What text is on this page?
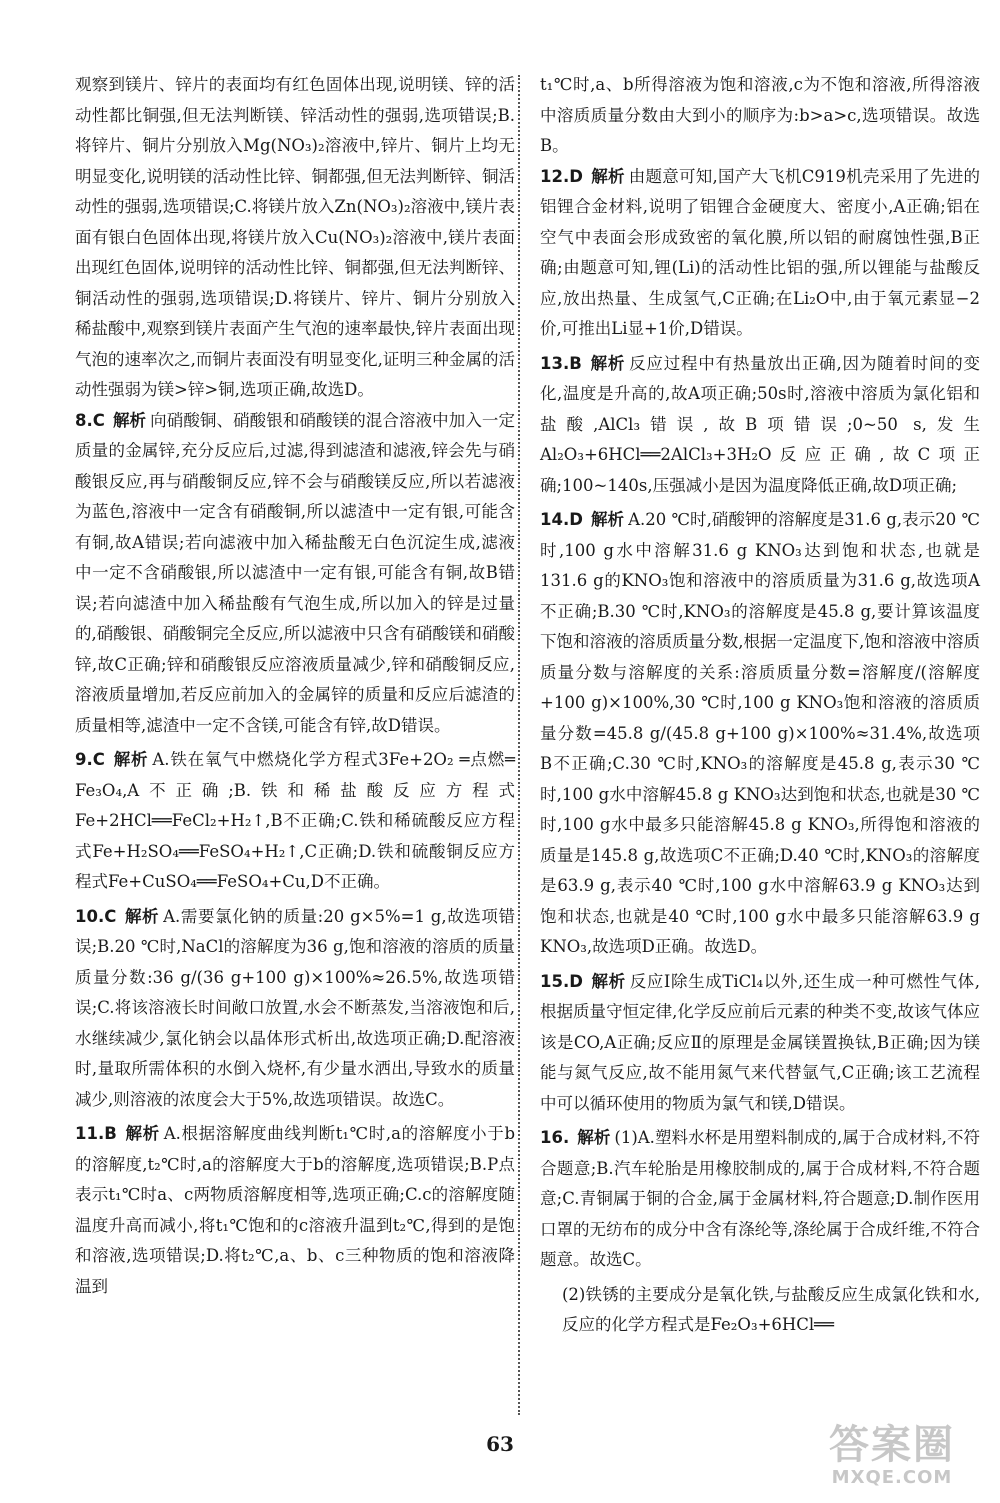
观察到镁片、锌片的表面均有红色固体出现,说明镁、锌的活动性都比铜强,但无法判断镁、锌活动性的强弱,选项错误;B.将锌片、铜片分别放入Mg(NO₃)₂溶液中,锌片、铜片上均无明显变化,说明镁的活动性比锌、铜都强,但无法判断锌、铜活动性的强弱,选项错误;C.将镁片放入Zn(NO₃)₂溶液中,镁片表面有银白色固体出现,将镁片放入Cu(NO₃)₂溶液中,镁片表面出现红色固体,说明锌的活动性比锌、铜都强,但无法判断锌、铜活动性的强弱,选项错误;D.将镁片、锌片、铜片分别放入稀盐酸中,观察到镁片表面产生气泡的速率最快,锌片表面出现气泡的速率次之,而铜片表面没有明显变化,证明三种金属的活动性强弱为镁>锌>铜,选项正确,故选D。

8.C 解析 向硝酸铜、硝酸银和硝酸镁的混合溶液中加入一定质量的金属锌,充分反应后,过滤,得到滤渣和滤液,锌会先与硝酸银反应,再与硝酸铜反应,锌不会与硝酸镁反应,所以若滤液为蓝色,溶液中一定含有硝酸铜,所以滤渣中一定有银,可能含有铜,故A错误;若向滤液中加入稀盐酸无白色沉淀生成,滤液中一定不含硝酸银,所以滤渣中一定有银,可能含有铜,故B错误;若向滤渣中加入稀盐酸有气泡生成,所以加入的锌是过量的,硝酸银、硝酸铜完全反应,所以滤液中只含有硝酸镁和硝酸锌,故C正确;锌和硝酸银反应溶液质量减少,锌和硝酸铜反应,溶液质量增加,若反应前加入的金属锌的质量和反应后滤渣的质量相等,滤渣中一定不含镁,可能含有锌,故D错误。
9.C 解析 A.铁在氧气中燃烧化学方程式3Fe+2O₂ ═点燃═ Fe₃O₄,A不正确;B.铁和稀盐酸反应方程式Fe+2HCl══FeCl₂+H₂↑,B不正确;C.铁和稀硫酸反应方程式Fe+H₂SO₄══FeSO₄+H₂↑,C正确;D.铁和硫酸铜反应方程式Fe+CuSO₄══FeSO₄+Cu,D不正确。
10.C 解析 A.需要氯化钠的质量:20 g×5%=1 g,故选项错误;B.20 ℃时,NaCl的溶解度为36 g,饱和溶液的溶质的质量质量分数:36 g/(36 g+100 g)×100%≈26.5%,故选项错误;C.将该溶液长时间敞口放置,水会不断蒸发,当溶液饱和后,水继续减少,氯化钠会以晶体形式析出,故选项正确;D.配溶液时,量取所需体积的水倒入烧杯,有少量水洒出,导致水的质量减少,则溶液的浓度会大于5%,故选项错误。故选C。
11.B 解析 A.根据溶解度曲线判断t₁℃时,a的溶解度小于b的溶解度,t₂℃时,a的溶解度大于b的溶解度,选项错误;B.P点表示t₁℃时a、c两物质溶解度相等,选项正确;C.c的溶解度随温度升高而减小,将t₁℃饱和的c溶液升温到t₂℃,得到的是饱和溶液,选项错误;D.将t₂℃,a、b、c三种物质的饱和溶液降温到

t₁℃时,a、b所得溶液为饱和溶液,c为不饱和溶液,所得溶液中溶质质量分数由大到小的顺序为:b>a>c,选项错误。故选B。

12.D 解析 由题意可知,国产大飞机C919机壳采用了先进的铝锂合金材料,说明了铝锂合金硬度大、密度小,A正确;铝在空气中表面会形成致密的氧化膜,所以铝的耐腐蚀性强,B正确;由题意可知,锂(Li)的活动性比铝的强,所以锂能与盐酸反应,放出热量、生成氢气,C正确;在Li₂O中,由于氧元素显−2价,可推出Li显+1价,D错误。
13.B 解析 反应过程中有热量放出正确,因为随着时间的变化,温度是升高的,故A项正确;50s时,溶液中溶质为氯化铝和盐酸,AlCl₃错误,故B项错误;0~50 s,发生Al₂O₃+6HCl══2AlCl₃+3H₂O反应正确,故C项正确;100~140s,压强减小是因为温度降低正确,故D项正确;
14.D 解析 A.20 ℃时,硝酸钾的溶解度是31.6 g,表示20 ℃时,100 g水中溶解31.6 g KNO₃达到饱和状态,也就是131.6 g的KNO₃饱和溶液中的溶质质量为31.6 g,故选项A不正确;B.30 ℃时,KNO₃的溶解度是45.8 g,要计算该温度下饱和溶液的溶质质量分数,根据一定温度下,饱和溶液中溶质质量分数与溶解度的关系:溶质质量分数=溶解度/(溶解度+100 g)×100%,30 ℃时,100 g KNO₃饱和溶液的溶质质量分数=45.8 g/(45.8 g+100 g)×100%≈31.4%,故选项B不正确;C.30 ℃时,KNO₃的溶解度是45.8 g,表示30 ℃时,100 g水中溶解45.8 g KNO₃达到饱和状态,也就是30 ℃时,100 g水中最多只能溶解45.8 g KNO₃,所得饱和溶液的质量是145.8 g,故选项C不正确;D.40 ℃时,KNO₃的溶解度是63.9 g,表示40 ℃时,100 g水中溶解63.9 g KNO₃达到饱和状态,也就是40 ℃时,100 g水中最多只能溶解63.9 g KNO₃,故选项D正确。故选D。
15.D 解析 反应Ⅰ除生成TiCl₄以外,还生成一种可燃性气体,根据质量守恒定律,化学反应前后元素的种类不变,故该气体应该是CO,A正确;反应Ⅱ的原理是金属镁置换钛,B正确;因为镁能与氮气反应,故不能用氮气来代替氩气,C正确;该工艺流程中可以循环使用的物质为氯气和镁,D错误。
16. 解析 (1)A.塑料水杯是用塑料制成的,属于合成材料,不符合题意;B.汽车轮胎是用橡胶制成的,属于合成材料,不符合题意;C.青铜属于铜的合金,属于金属材料,符合题意;D.制作医用口罩的无纺布的成分中含有涤纶等,涤纶属于合成纤维,不符合题意。故选C。

(2)铁锈的主要成分是氧化铁,与盐酸反应生成氯化铁和水,反应的化学方程式是Fe₂O₃+6HCl══

63	答案圈
MXQE.COM
